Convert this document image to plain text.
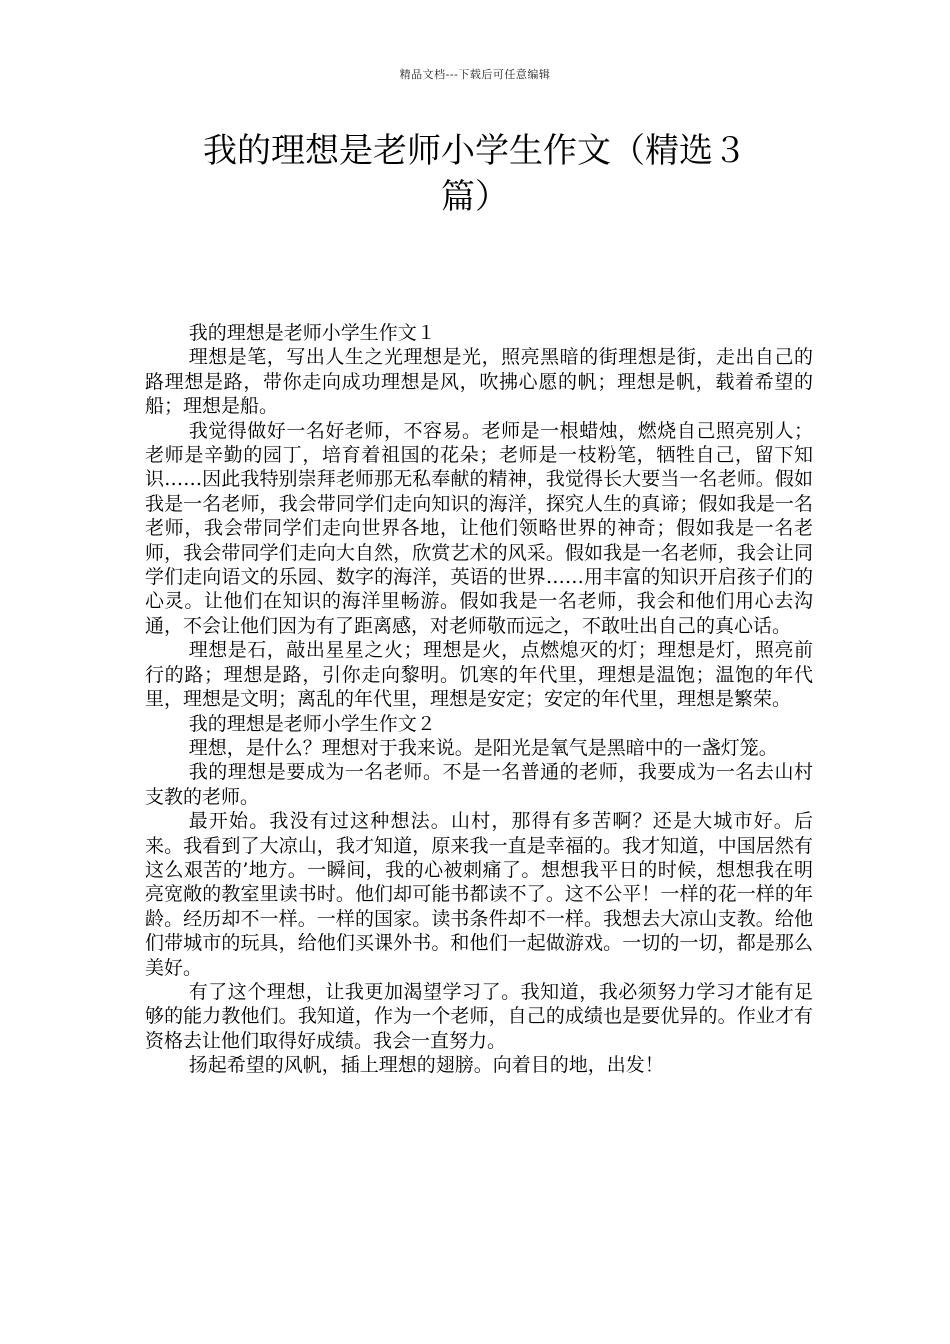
精品文档---下载后可任意编辑
我的理想是老师小学生作文（精选３
篇）

我的理想是老师小学生作文１

理想是笔，写出人生之光理想是光，照亮黑暗的街理想是街，走出自己的路理想是路，带你走向成功理想是风，吹拂心愿的帆；理想是帆，载着希望的船；理想是船。

我觉得做好一名好老师，不容易。老师是一根蜡烛，燃烧自己照亮别人；老师是辛勤的园丁，培育着祖国的花朵；老师是一枝粉笔，牺牲自己，留下知识……因此我特别崇拜老师那无私奉献的精神，我觉得长大要当一名老师。假如我是一名老师，我会带同学们走向知识的海洋，探究人生的真谛；假如我是一名老师，我会带同学们走向世界各地，让他们领略世界的神奇；假如我是一名老师，我会带同学们走向大自然，欣赏艺术的风采。假如我是一名老师，我会让同学们走向语文的乐园、数字的海洋，英语的世界……用丰富的知识开启孩子们的心灵。让他们在知识的海洋里畅游。假如我是一名老师，我会和他们用心去沟通，不会让他们因为有了距离感，对老师敬而远之，不敢吐出自己的真心话。

理想是石，敲出星星之火；理想是火，点燃熄灭的灯；理想是灯，照亮前行的路；理想是路，引你走向黎明。饥寒的年代里，理想是温饱；温饱的年代里，理想是文明；离乱的年代里，理想是安定；安定的年代里，理想是繁荣。

我的理想是老师小学生作文２

理想，是什么？理想对于我来说。是阳光是氧气是黑暗中的一盏灯笼。

我的理想是要成为一名老师。不是一名普通的老师，我要成为一名去山村支教的老师。

最开始。我没有过这种想法。山村，那得有多苦啊？还是大城市好。后来。我看到了大凉山，我才知道，原来我一直是幸福的。我才知道，中国居然有这么艰苦的’地方。一瞬间，我的心被刺痛了。想想我平日的时候，想想我在明亮宽敞的教室里读书时。他们却可能书都读不了。这不公平！一样的花一样的年龄。经历却不一样。一样的国家。读书条件却不一样。我想去大凉山支教。给他们带城市的玩具，给他们买课外书。和他们一起做游戏。一切的一切，都是那么美好。

有了这个理想，让我更加渴望学习了。我知道，我必须努力学习才能有足够的能力教他们。我知道，作为一个老师，自己的成绩也是要优异的。作业才有资格去让他们取得好成绩。我会一直努力。

扬起希望的风帆，插上理想的翅膀。向着目的地，出发！
